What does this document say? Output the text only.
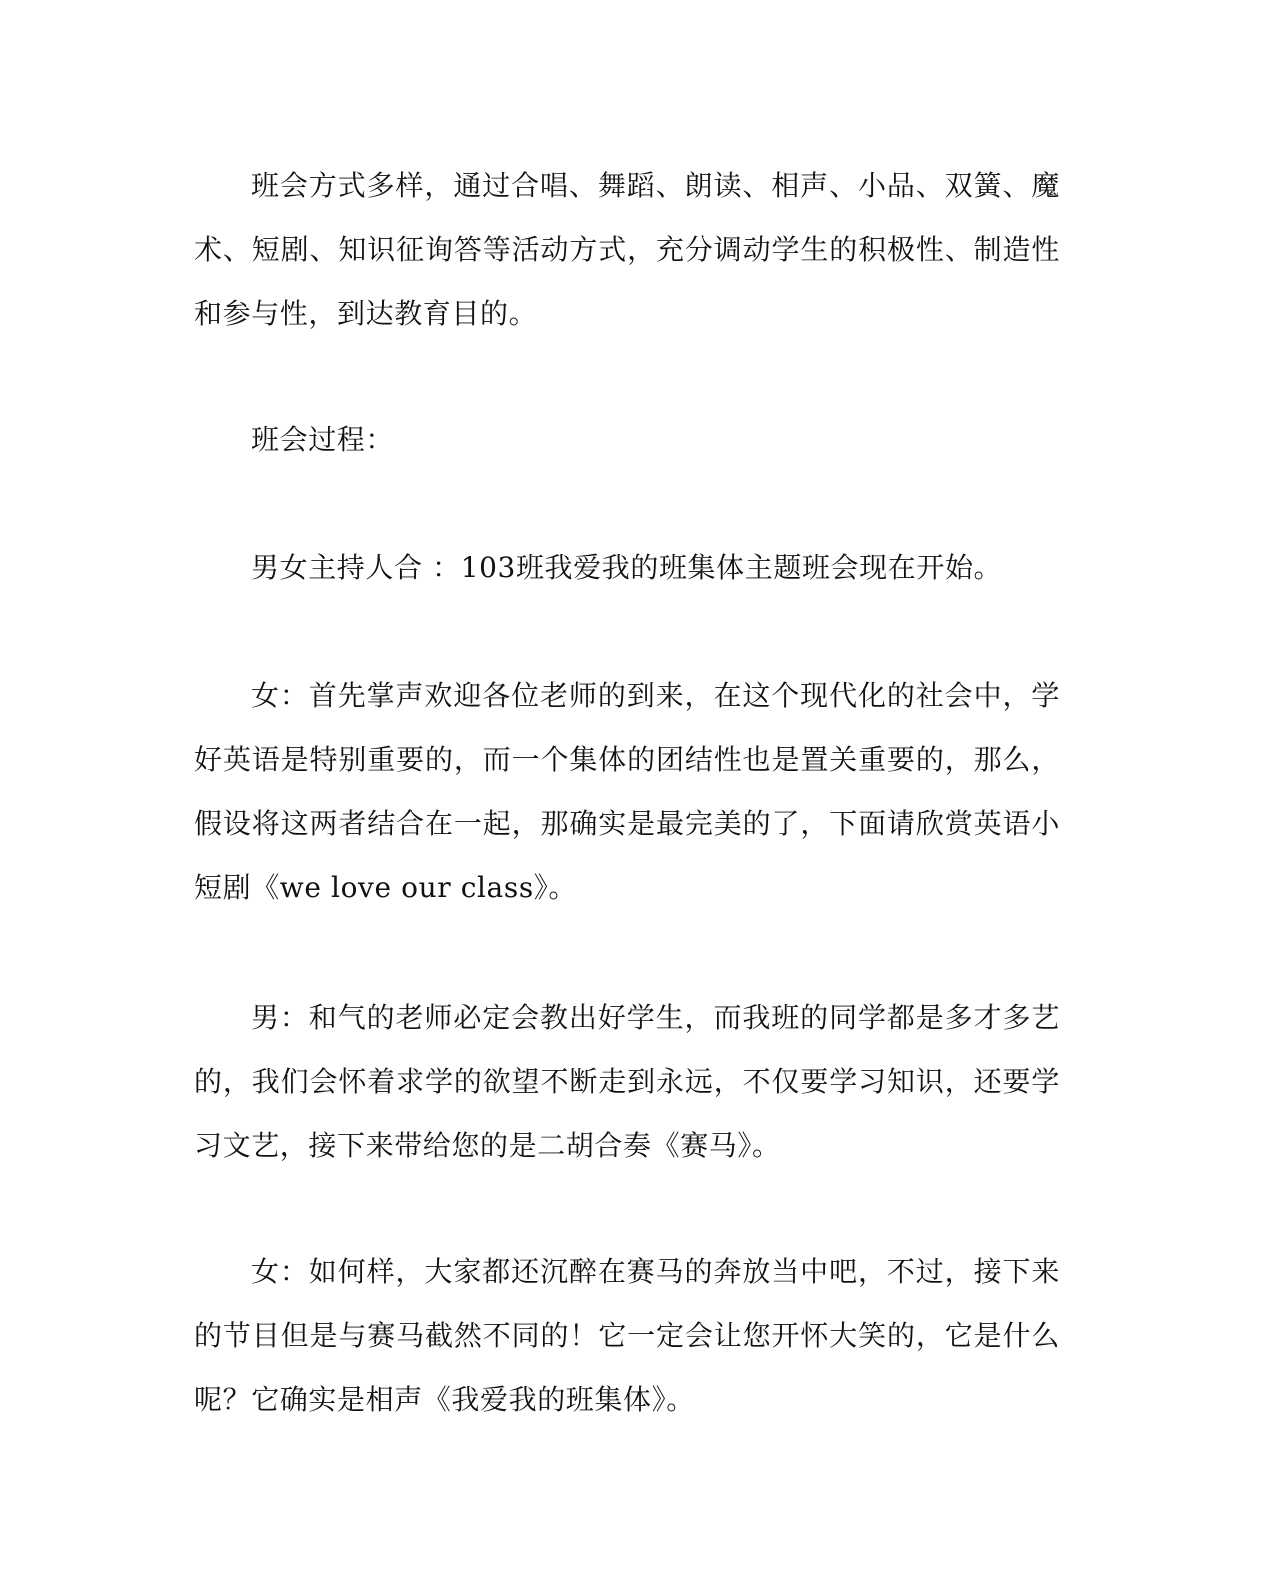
班会方式多样，通过合唱、舞蹈、朗读、相声、小品、双簧、魔术、短剧、知识征询答等活动方式，充分调动学生的积极性、制造性和参与性，到达教育目的。

班会过程：

男女主持人合 ：103班我爱我的班集体主题班会现在开始。

女：首先掌声欢迎各位老师的到来，在这个现代化的社会中，学好英语是特别重要的，而一个集体的团结性也是置关重要的，那么，假设将这两者结合在一起，那确实是最完美的了，下面请欣赏英语小短剧《we love our class》。

男：和气的老师必定会教出好学生，而我班的同学都是多才多艺的，我们会怀着求学的欲望不断走到永远，不仅要学习知识，还要学习文艺，接下来带给您的是二胡合奏《赛马》。

女：如何样，大家都还沉醉在赛马的奔放当中吧，不过，接下来的节目但是与赛马截然不同的！它一定会让您开怀大笑的，它是什么呢？它确实是相声《我爱我的班集体》。
